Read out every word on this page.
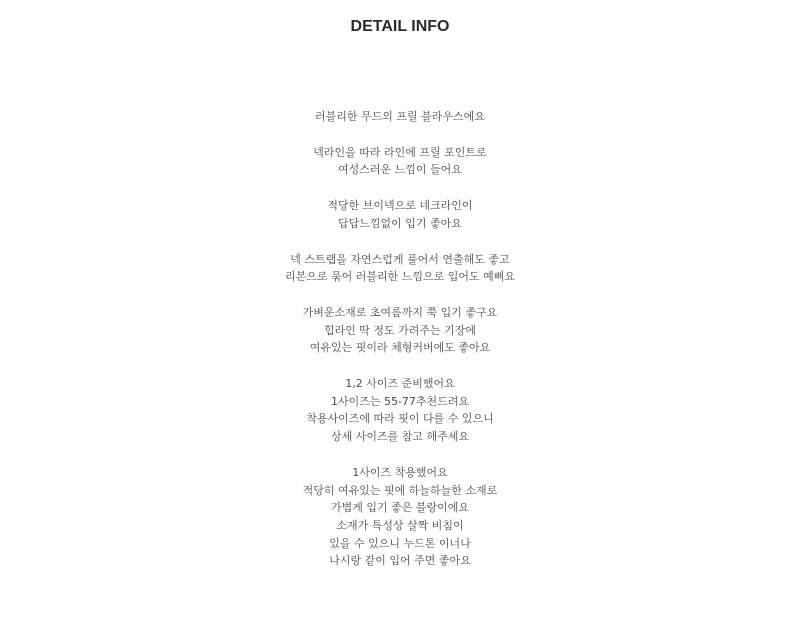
DETAIL INFO
러블리한 무드의 프릴 블라우스에요
넥라인을 따라 라인에 프릴 포인트로
여성스러운 느낌이 들어요
적당한 브이넥으로 네크라인이
답답느낌없이 입기 좋아요
넥 스트랩을 자연스럽게 풀어서 연출해도 좋고
리본으로 묶어 러블리한 느낌으로 입어도 예뻐요
가벼운소재로 초여름까지 쭉 입기 좋구요
힙라인 딱 정도 가려주는 기장에
여유있는 핏이라 체형커버에도 좋아요
1,2 사이즈 준비했어요
1사이즈는 55-77추천드려요
착용사이즈에 따라 핏이 다를 수 있으니
상세 사이즈를 참고 해주세요
1사이즈 착용했어요
적당히 여유있는 핏에 하늘하늘한 소재로
가볍게 입기 좋은 블랑이에요
소재가 특성상 살짝 비침이
있을 수 있으니 누드톤 이너나
나시랑 같이 입어 주면 좋아요
